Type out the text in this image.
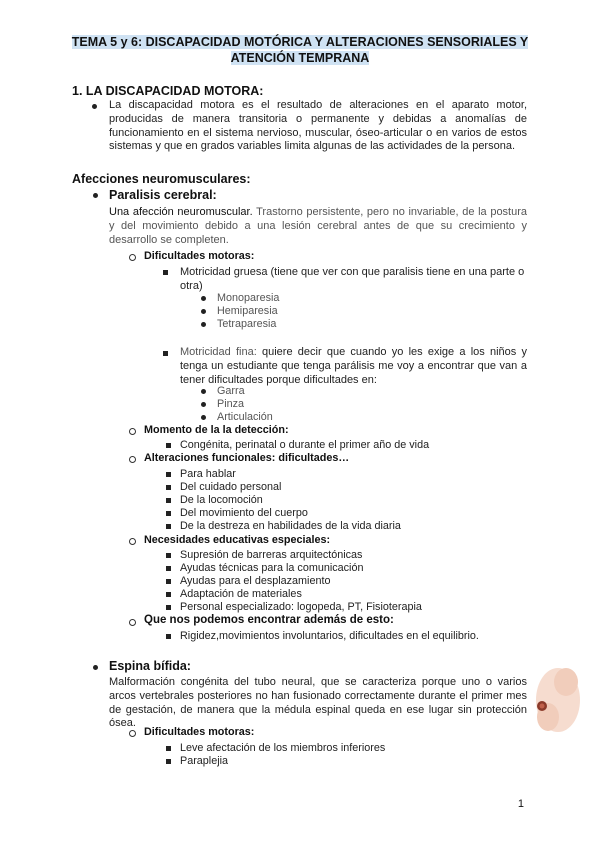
TEMA 5 y 6: DISCAPACIDAD MOTÓRICA Y ALTERACIONES SENSORIALES Y
ATENCIÓN TEMPRANA
1. LA DISCAPACIDAD MOTORA:
La discapacidad motora es el resultado de alteraciones en el aparato motor, producidas de manera transitoria o permanente y debidas a anomalías de funcionamiento en el sistema nervioso, muscular, óseo-articular o en varios de estos sistemas y que en grados variables limita algunas de las actividades de la persona.
Afecciones neuromusculares:
Paralisis cerebral:
Una afección neuromuscular. Trastorno persistente, pero no invariable, de la postura y del movimiento debido a una lesión cerebral antes de que su crecimiento y desarrollo se completen.
Dificultades motoras:
Motricidad gruesa (tiene que ver con que paralisis tiene en una parte o otra)
Monoparesia
Hemiparesia
Tetraparesia
Motricidad fina: quiere decir que cuando yo les exige a los niños y tenga un estudiante que tenga parálisis me voy a encontrar que van a tener dificultades porque dificultades en:
Garra
Pinza
Articulación
Momento de la la detección:
Congénita, perinatal o durante el primer año de vida
Alteraciones funcionales: dificultades…
Para hablar
Del cuidado personal
De la locomoción
Del movimiento del cuerpo
De la destreza en habilidades de la vida diaria
Necesidades educativas especiales:
Supresión de barreras arquitectónicas
Ayudas técnicas para la comunicación
Ayudas para el desplazamiento
Adaptación de materiales
Personal especializado: logopeda, PT, Fisioterapia
Que nos podemos encontrar además de esto:
Rigidez,movimientos involuntarios, dificultades en el equilibrio.
Espina bífida:
Malformación congénita del tubo neural, que se caracteriza porque uno o varios arcos vertebrales posteriores no han fusionado correctamente durante el primer mes de gestación, de manera que la médula espinal queda en ese lugar sin protección ósea.
Dificultades motoras:
Leve afectación de los miembros inferiores
Paraplejia
1
